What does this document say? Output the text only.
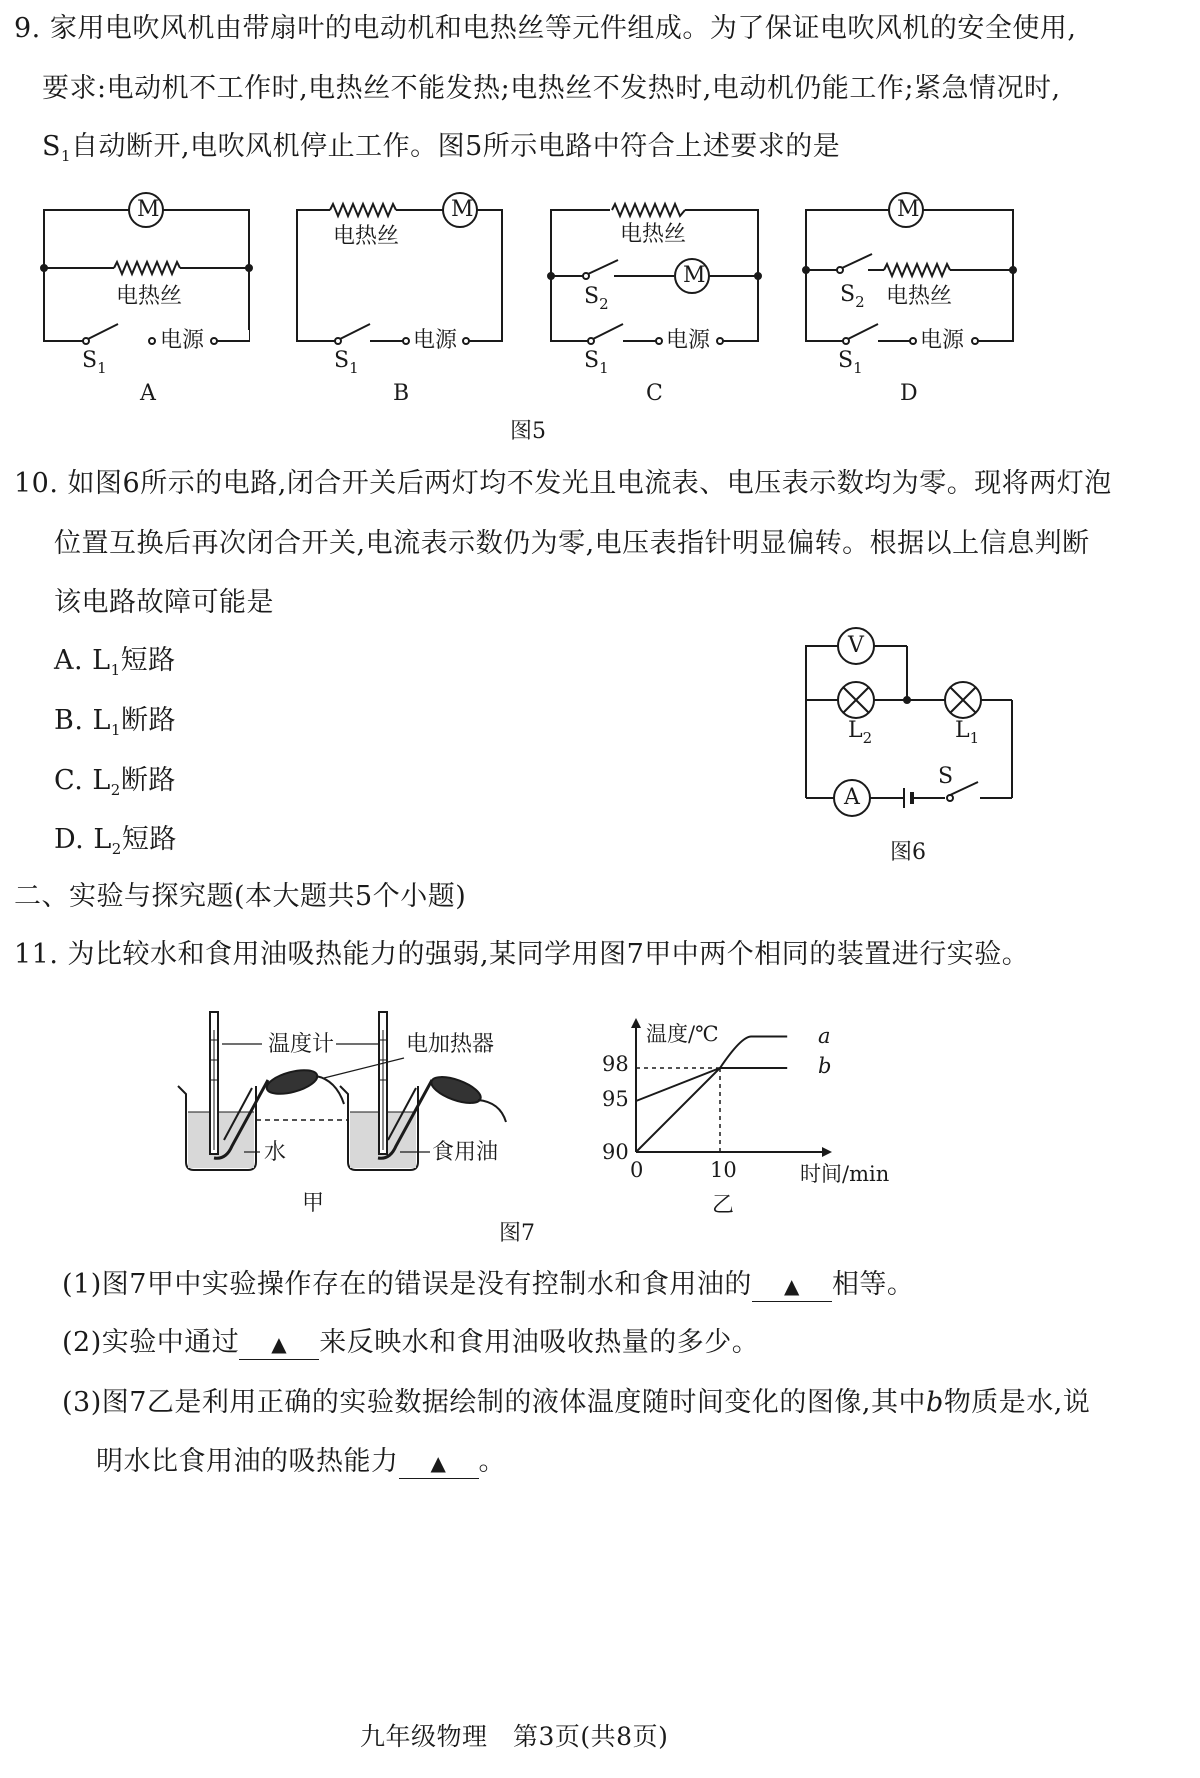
9. 家用电吹风机由带扇叶的电动机和电热丝等元件组成。为了保证电吹风机的安全使用,
要求:电动机不工作时,电热丝不能发热;电热丝不发热时,电动机仍能工作;紧急情况时,
$S_1$自动断开,电吹风机停止工作。图5所示电路中符合上述要求的是
M	M
M
M
电热丝
电热丝	电热丝
电热丝
电源	电源	电源	电源
$S_1$	$S_1$	$S_1$	$S_1$
$S_2$	$S_2$
A	B	C	D
图5
10. 如图6所示的电路,闭合开关后两灯均不发光且电流表、电压表示数均为零。现将两灯泡
位置互换后再次闭合开关,电流表示数仍为零,电压表指针明显偏转。根据以上信息判断
该电路故障可能是
A. $L_1$短路
B. $L_1$断路
C. $L_2$断路
D. $L_2$短路
V
A
$L_2$	$L_1$
S
图6
二、实验与探究题(本大题共5个小题)
11. 为比较水和食用油吸热能力的强弱,某同学用图7甲中两个相同的装置进行实验。
温度计	电加热器
水	食用油
甲
温度/℃
时间/min
98
95
90
0	10
a
b
乙
图7
(1)图7甲中实验操作存在的错误是没有控制水和食用油的 ▲ 相等。
(2)实验中通过 ▲ 来反映水和食用油吸收热量的多少。
(3)图7乙是利用正确的实验数据绘制的液体温度随时间变化的图像,其中b物质是水,说
明水比食用油的吸热能力 ▲ 。
九年级物理　第3页(共8页)
